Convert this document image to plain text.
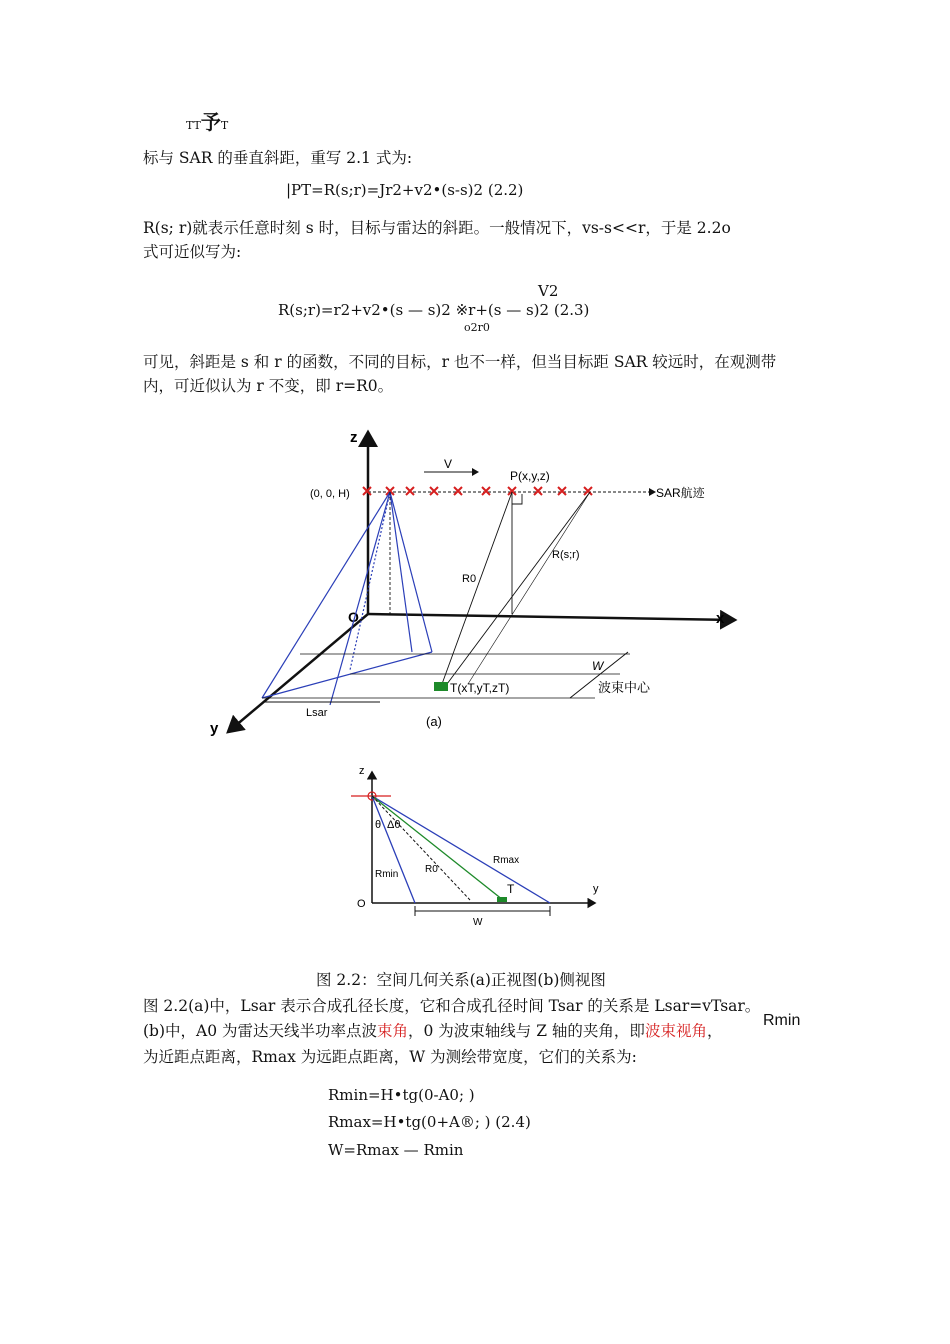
TT予T
标与 SAR 的垂直斜距，重写 2.1 式为:
|PT=R(s;r)=Jr2+v2•(s-s)2 (2.2)
R(s; r)就表示任意时刻 s 时，目标与雷达的斜距。一般情况下，vs-s<<r，于是 2.2o
式可近似写为:
V2
R(s;r)=r2+v2•(s — s)2 ※r+(s — s)2 (2.3)
o2r0
可见，斜距是 s 和 r 的函数，不同的目标，r 也不一样，但当目标距 SAR 较远时，在观测带
内，可近似认为 r 不变，即 r=R0。
z
x
y
O
(0, 0, H)	SAR航迹
V
P(x,y,z)
R0
R(s;r)
T(xT,yT,zT)
W
波束中心
Lsar
(a)
z
y
O
θ Δθ
Rmin	R0
Rmax
T
W
图 2.2：空间几何关系(a)正视图(b)侧视图
图 2.2(a)中，Lsar 表示合成孔径长度，它和合成孔径时间 Tsar 的关系是 Lsar=vTsar。
(b)中，A0 为雷达天线半功率点波束角，0 为波束轴线与 Z 轴的夹角，即波束视角，
Rmin
为近距点距离，Rmax 为远距点距离，W 为测绘带宽度，它们的关系为:
Rmin=H•tg(0-A0; )
Rmax=H•tg(0+A®; ) (2.4)
W=Rmax — Rmin
